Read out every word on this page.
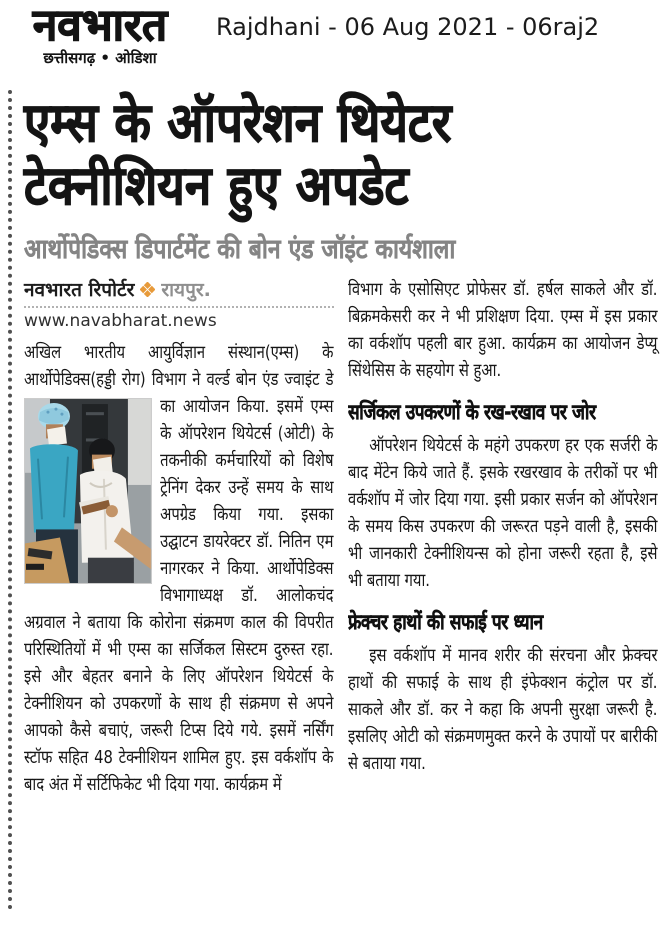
नवभारत
छत्तीसगढ़ • ओडिशा
Rajdhani - 06 Aug 2021 - 06raj2
एम्स के ऑपरेशन थियेटर
टेक्नीशियन हुए अपडेट
आर्थोपेडिक्स डिपार्टमेंट की बोन एंड जॉइंट कार्यशाला
नवभारत रिपोर्टर रायपुर.
www.navabharat.news

अखिल भारतीय आयुर्विज्ञान संस्थान(एम्स) के आर्थोपेडिक्स(हड्डी रोग) विभाग ने वर्ल्ड बोन एंड ज्वाइंट डे का आयोजन किया. इसमें
एम्स के ऑपरेशन थियेटर्स (ओटी) के तकनीकी कर्मचारियों को विशेष ट्रेनिंग देकर उन्हें समय के साथ अपग्रेड किया गया. इसका उद्घाटन डायरेक्टर डॉ. नितिन एम नागरकर ने किया. आर्थोपेडिक्स विभागाध्यक्ष डॉ. आलोकचंद अग्रवाल ने बताया कि कोरोना संक्रमण काल की विपरीत परिस्थितियों में भी एम्स का सर्जिकल सिस्टम दुरुस्त रहा. इसे और बेहतर बनाने के लिए ऑपरेशन थियेटर्स के टेक्नीशियन को उपकरणों के साथ ही संक्रमण से अपने आपको कैसे बचाएं, जरूरी टिप्स दिये गये. इसमें नर्सिंग स्टॉफ सहित 48 टेक्नीशियन शामिल हुए. इस वर्कशॉप के बाद अंत में सर्टिफिकेट भी दिया गया. कार्यक्रम में

विभाग के एसोसिएट प्रोफेसर डॉ. हर्षल साकले और डॉ. बिक्रमकेसरी कर ने भी प्रशिक्षण दिया. एम्स में इस प्रकार का वर्कशॉप पहली बार हुआ. कार्यक्रम का आयोजन डेप्यू सिंथेसिस के सहयोग से हुआ.

सर्जिकल उपकरणों के रख-रखाव पर जोर

ऑपरेशन थियेटर्स के महंगे उपकरण हर एक सर्जरी के बाद मेंटेन किये जाते हैं. इसके रखरखाव के तरीकों पर भी वर्कशॉप में जोर दिया गया. इसी प्रकार सर्जन को ऑपरेशन के समय किस उपकरण की जरूरत पड़ने वाली है, इसकी भी जानकारी टेक्नीशियन्स को होना जरूरी रहता है, इसे भी बताया गया.

फ्रेक्चर हाथों की सफाई पर ध्यान

इस वर्कशॉप में मानव शरीर की संरचना और फ्रेक्चर हाथों की सफाई के साथ ही इंफेक्शन कंट्रोल पर डॉ. साकले और डॉ. कर ने कहा कि अपनी सुरक्षा जरूरी है. इसलिए ओटी को संक्रमणमुक्त करने के उपायों पर बारीकी से बताया गया.
